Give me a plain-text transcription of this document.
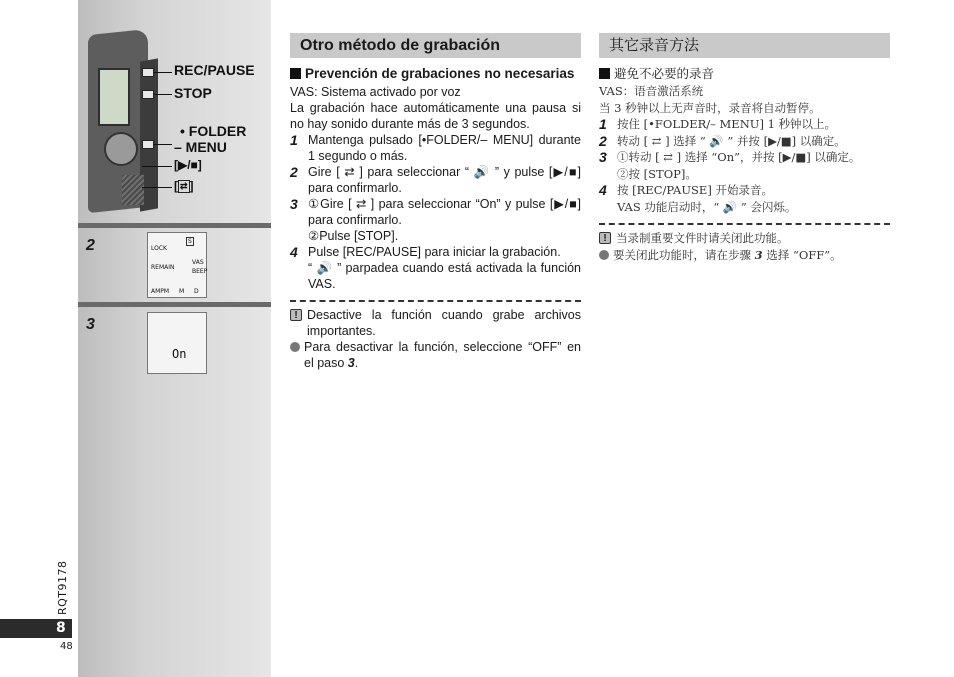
REC/PAUSE
STOP
• FOLDER
– MENU
[▶/■]
[ ⇄ ]
2	LOCK
REMAIN
AMPM M D
S
VAS
BEEP
3
On
RQT9178
8
48
Otro método de grabación
Prevención de grabaciones no necesarias
VAS: Sistema activado por voz
La grabación hace automáticamente una pausa si no hay sonido durante más de 3 segundos.
1 Mantenga pulsado [•FOLDER/– MENU] durante 1 segundo o más.
2 Gire [ ⇄ ] para seleccionar “ 🔊 ” y pulse [▶/■] para confirmarlo.
3 ①Gire [ ⇄ ] para seleccionar “On” y pulse [▶/■] para confirmarlo.
②Pulse [STOP].
4 Pulse [REC/PAUSE] para iniciar la grabación.
“ 🔊 ” parpadea cuando está activada la función VAS.
! Desactive la función cuando grabe archivos importantes.
Para desactivar la función, seleccione “OFF” en el paso 3.
其它录音方法
避免不必要的录音
VAS：语音激活系统
当 3 秒钟以上无声音时，录音将自动暂停。
1 按住 [•FOLDER/– MENU] 1 秒钟以上。
2 转动 [ ⇄ ] 选择 “ 🔊 ” 并按 [▶/■] 以确定。
3 ①转动 [ ⇄ ] 选择 “On”，并按 [▶/■] 以确定。
②按 [STOP]。
4 按 [REC/PAUSE] 开始录音。
VAS 功能启动时，“ 🔊 ” 会闪烁。
! 当录制重要文件时请关闭此功能。
要关闭此功能时，请在步骤 3 选择 “OFF”。
